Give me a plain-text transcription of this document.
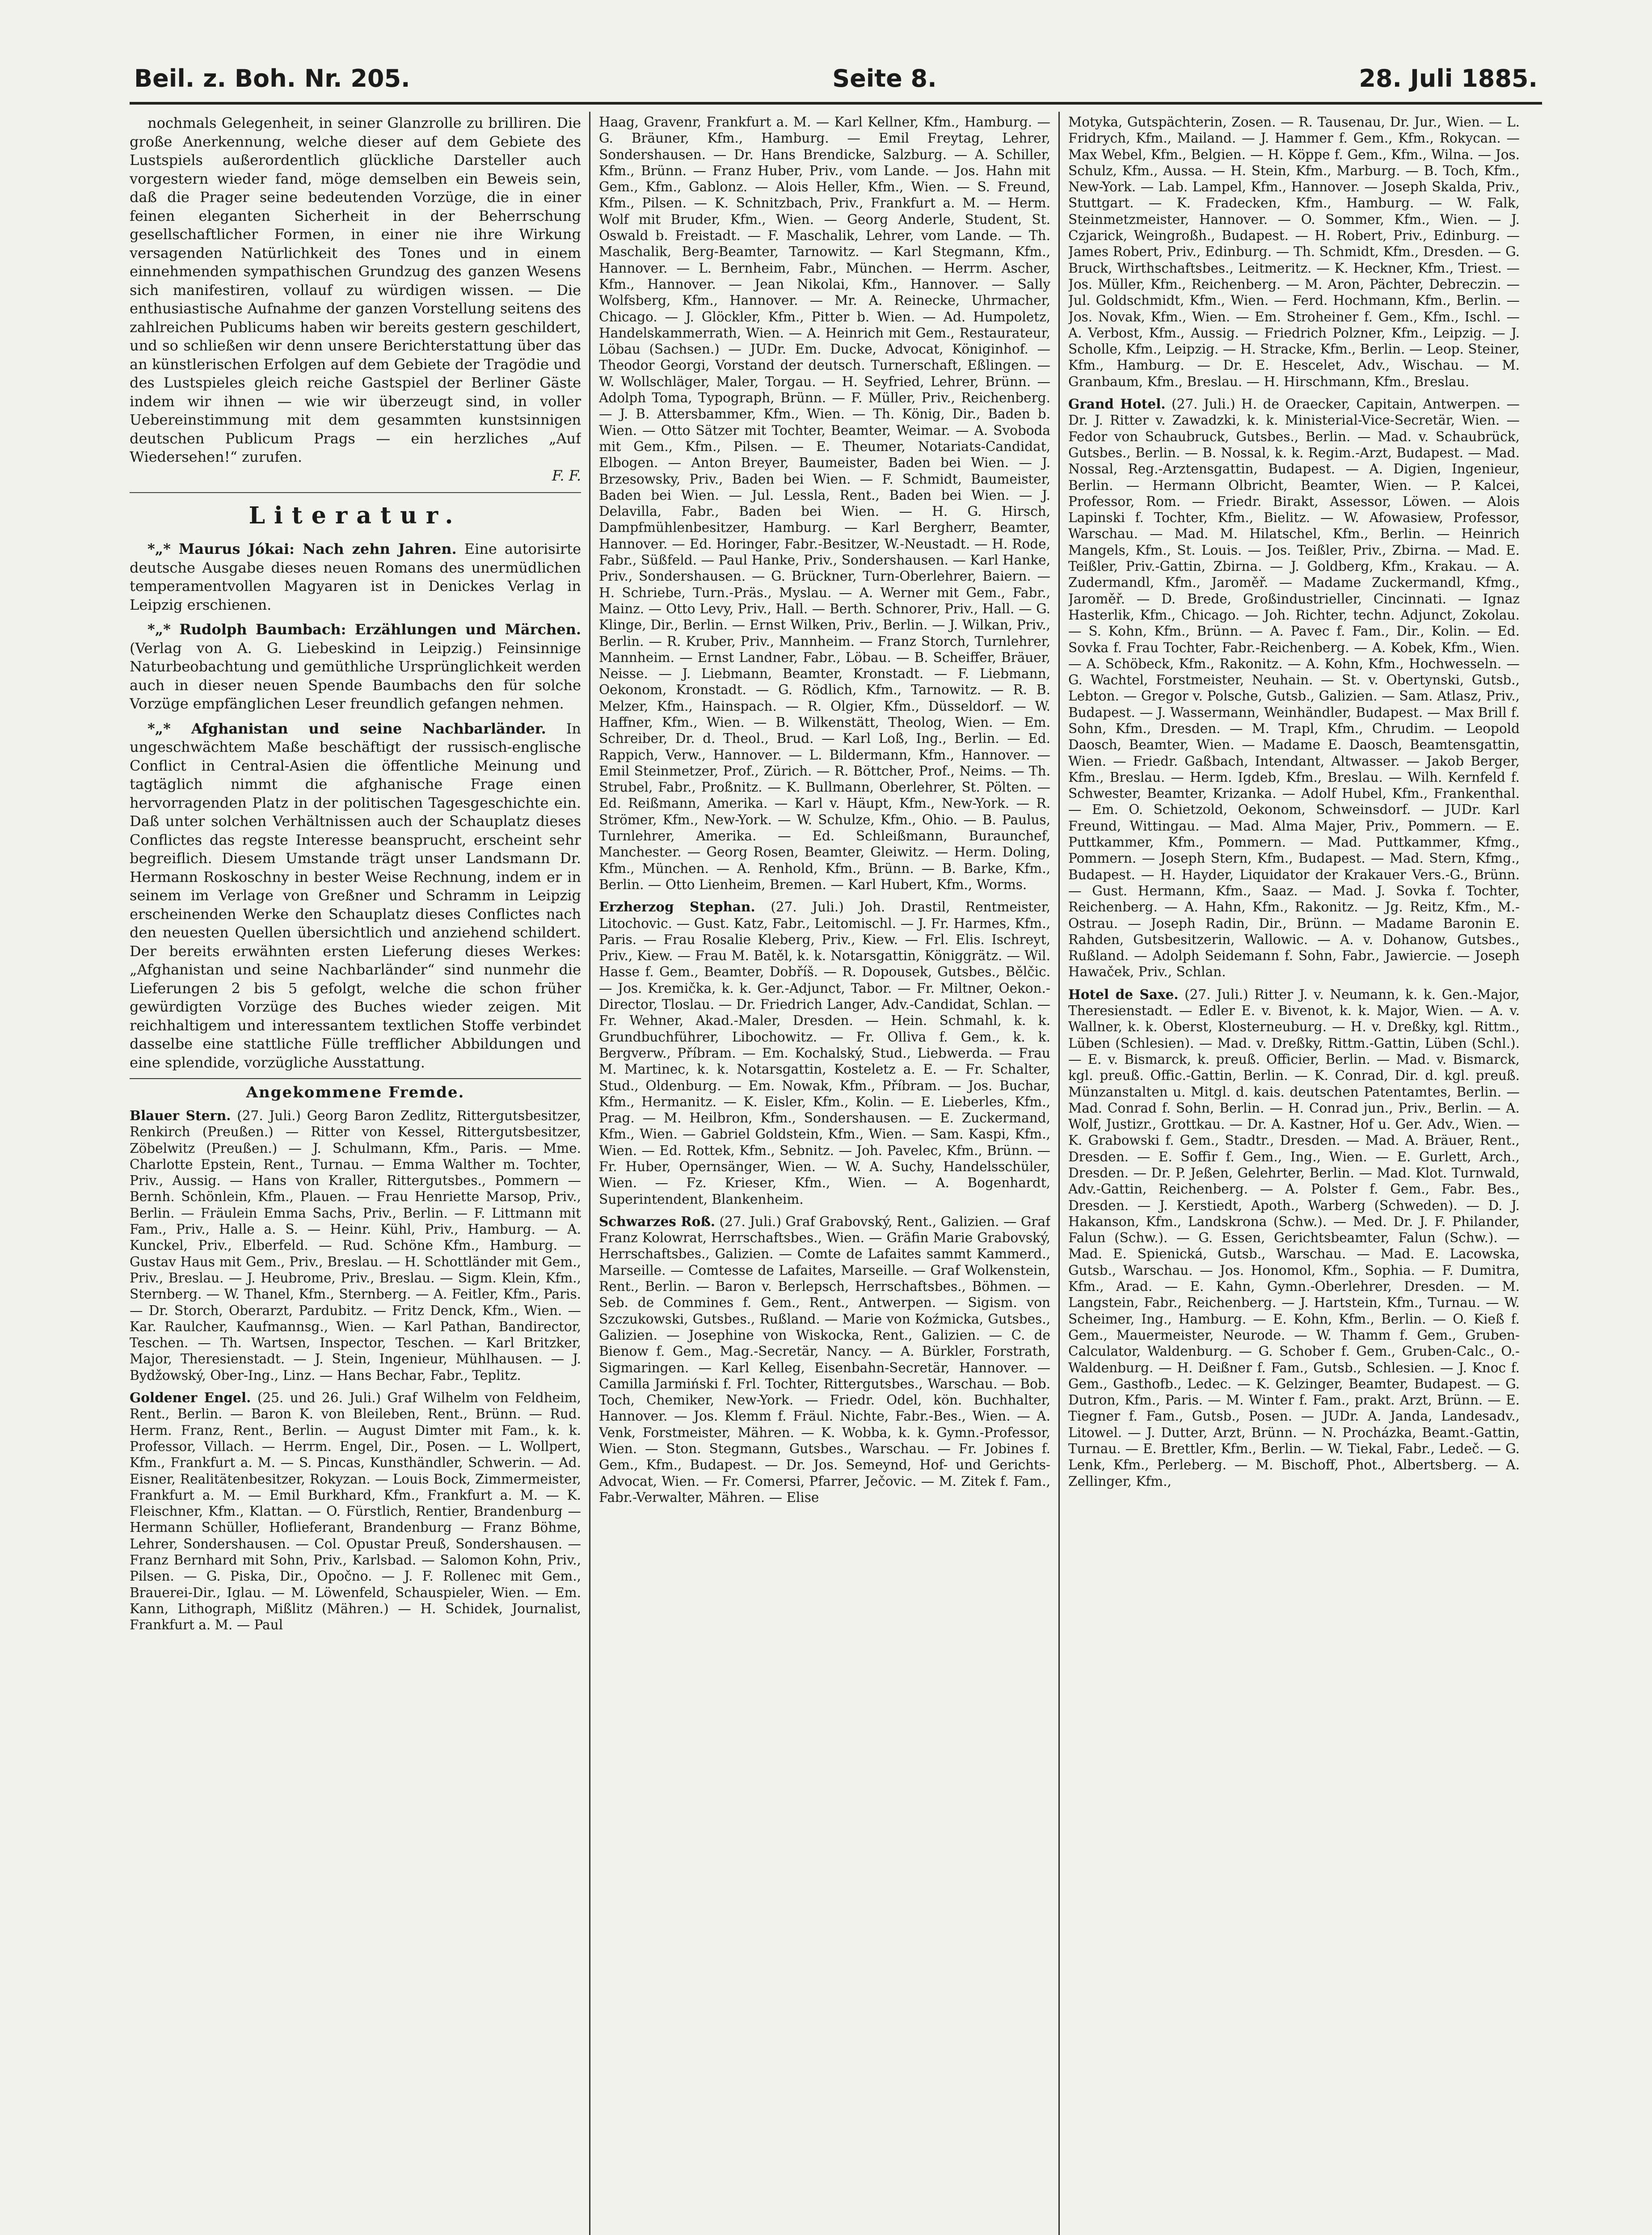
Beil. z. Boh. Nr. 205.	Seite 8.	28. Juli 1885.

nochmals Gelegenheit, in seiner Glanzrolle zu brilliren. Die große Anerkennung, welche dieser auf dem Gebiete des Lustspiels außerordentlich glückliche Darsteller auch vorgestern wieder fand, möge demselben ein Beweis sein, daß die Prager seine bedeutenden Vorzüge, die in einer feinen eleganten Sicherheit in der Beherrschung gesellschaftlicher Formen, in einer nie ihre Wirkung versagenden Natürlichkeit des Tones und in einem einnehmenden sympathischen Grundzug des ganzen Wesens sich manifestiren, vollauf zu würdigen wissen. — Die enthusiastische Aufnahme der ganzen Vorstellung seitens des zahlreichen Publicums haben wir bereits gestern geschildert, und so schließen wir denn unsere Berichterstattung über das an künstlerischen Erfolgen auf dem Gebiete der Tragödie und des Lustspieles gleich reiche Gastspiel der Berliner Gäste indem wir ihnen — wie wir überzeugt sind, in voller Uebereinstimmung mit dem gesammten kunstsinnigen deutschen Publicum Prags — ein herzliches „Auf Wiedersehen!“ zurufen.
F. F.

Literatur.

*„* Maurus Jókai: Nach zehn Jahren. Eine autorisirte deutsche Ausgabe dieses neuen Romans des unermüdlichen temperamentvollen Magyaren ist in Denickes Verlag in Leipzig erschienen.

*„* Rudolph Baumbach: Erzählungen und Märchen. (Verlag von A. G. Liebeskind in Leipzig.) Feinsinnige Naturbeobachtung und gemüthliche Ursprünglichkeit werden auch in dieser neuen Spende Baumbachs den für solche Vorzüge empfänglichen Leser freundlich gefangen nehmen.

*„* Afghanistan und seine Nachbarländer. In ungeschwächtem Maße beschäftigt der russisch-englische Conflict in Central-Asien die öffentliche Meinung und tagtäglich nimmt die afghanische Frage einen hervorragenden Platz in der politischen Tagesgeschichte ein. Daß unter solchen Verhältnissen auch der Schauplatz dieses Conflictes das regste Interesse beansprucht, erscheint sehr begreiflich. Diesem Umstande trägt unser Landsmann Dr. Hermann Roskoschny in bester Weise Rechnung, indem er in seinem im Verlage von Greßner und Schramm in Leipzig erscheinenden Werke den Schauplatz dieses Conflictes nach den neuesten Quellen übersichtlich und anziehend schildert. Der bereits erwähnten ersten Lieferung dieses Werkes: „Afghanistan und seine Nachbarländer“ sind nunmehr die Lieferungen 2 bis 5 gefolgt, welche die schon früher gewürdigten Vorzüge des Buches wieder zeigen. Mit reichhaltigem und interessantem textlichen Stoffe verbindet dasselbe eine stattliche Fülle trefflicher Abbildungen und eine splendide, vorzügliche Ausstattung.

Angekommene Fremde.

Blauer Stern. (27. Juli.) Georg Baron Zedlitz, Rittergutsbesitzer, Renkirch (Preußen.) — Ritter von Kessel, Rittergutsbesitzer, Zöbelwitz (Preußen.) — J. Schulmann, Kfm., Paris. — Mme. Charlotte Epstein, Rent., Turnau. — Emma Walther m. Tochter, Priv., Aussig. — Hans von Kraller, Rittergutsbes., Pommern — Bernh. Schönlein, Kfm., Plauen. — Frau Henriette Marsop, Priv., Berlin. — Fräulein Emma Sachs, Priv., Berlin. — F. Littmann mit Fam., Priv., Halle a. S. — Heinr. Kühl, Priv., Hamburg. — A. Kunckel, Priv., Elberfeld. — Rud. Schöne Kfm., Hamburg. — Gustav Haus mit Gem., Priv., Breslau. — H. Schottländer mit Gem., Priv., Breslau. — J. Heubrome, Priv., Breslau. — Sigm. Klein, Kfm., Sternberg. — W. Thanel, Kfm., Sternberg. — A. Feitler, Kfm., Paris. — Dr. Storch, Oberarzt, Pardubitz. — Fritz Denck, Kfm., Wien. — Kar. Raulcher, Kaufmannsg., Wien. — Karl Pathan, Bandirector, Teschen. — Th. Wartsen, Inspector, Teschen. — Karl Britzker, Major, Theresienstadt. — J. Stein, Ingenieur, Mühlhausen. — J. Bydžowský, Ober-Ing., Linz. — Hans Bechar, Fabr., Teplitz.

Goldener Engel. (25. und 26. Juli.) Graf Wilhelm von Feldheim, Rent., Berlin. — Baron K. von Bleileben, Rent., Brünn. — Rud. Herm. Franz, Rent., Berlin. — August Dimter mit Fam., k. k. Professor, Villach. — Herrm. Engel, Dir., Posen. — L. Wollpert, Kfm., Frankfurt a. M. — S. Pincas, Kunsthändler, Schwerin. — Ad. Eisner, Realitätenbesitzer, Rokyzan. — Louis Bock, Zimmermeister, Frankfurt a. M. — Emil Burkhard, Kfm., Frankfurt a. M. — K. Fleischner, Kfm., Klattan. — O. Fürstlich, Rentier, Brandenburg — Hermann Schüller, Hoflieferant, Brandenburg — Franz Böhme, Lehrer, Sondershausen. — Col. Opustar Preuß, Sondershausen. — Franz Bernhard mit Sohn, Priv., Karlsbad. — Salomon Kohn, Priv., Pilsen. — G. Piska, Dir., Opočno. — J. F. Rollenec mit Gem., Brauerei-Dir., Iglau. — M. Löwenfeld, Schauspieler, Wien. — Em. Kann, Lithograph, Mißlitz (Mähren.) — H. Schidek, Journalist, Frankfurt a. M. — Paul

Haag, Gravenr, Frankfurt a. M. — Karl Kellner, Kfm., Hamburg. — G. Bräuner, Kfm., Hamburg. — Emil Freytag, Lehrer, Sondershausen. — Dr. Hans Brendicke, Salzburg. — A. Schiller, Kfm., Brünn. — Franz Huber, Priv., vom Lande. — Jos. Hahn mit Gem., Kfm., Gablonz. — Alois Heller, Kfm., Wien. — S. Freund, Kfm., Pilsen. — K. Schnitzbach, Priv., Frankfurt a. M. — Herm. Wolf mit Bruder, Kfm., Wien. — Georg Anderle, Student, St. Oswald b. Freistadt. — F. Maschalik, Lehrer, vom Lande. — Th. Maschalik, Berg-Beamter, Tarnowitz. — Karl Stegmann, Kfm., Hannover. — L. Bernheim, Fabr., München. — Herrm. Ascher, Kfm., Hannover. — Jean Nikolai, Kfm., Hannover. — Sally Wolfsberg, Kfm., Hannover. — Mr. A. Reinecke, Uhrmacher, Chicago. — J. Glöckler, Kfm., Pitter b. Wien. — Ad. Humpoletz, Handelskammerrath, Wien. — A. Heinrich mit Gem., Restaurateur, Löbau (Sachsen.) — JUDr. Em. Ducke, Advocat, Königinhof. — Theodor Georgi, Vorstand der deutsch. Turnerschaft, Eßlingen. — W. Wollschläger, Maler, Torgau. — H. Seyfried, Lehrer, Brünn. — Adolph Toma, Typograph, Brünn. — F. Müller, Priv., Reichenberg. — J. B. Attersbammer, Kfm., Wien. — Th. König, Dir., Baden b. Wien. — Otto Sätzer mit Tochter, Beamter, Weimar. — A. Svoboda mit Gem., Kfm., Pilsen. — E. Theumer, Notariats-Candidat, Elbogen. — Anton Breyer, Baumeister, Baden bei Wien. — J. Brzesowsky, Priv., Baden bei Wien. — F. Schmidt, Baumeister, Baden bei Wien. — Jul. Lessla, Rent., Baden bei Wien. — J. Delavilla, Fabr., Baden bei Wien. — H. G. Hirsch, Dampfmühlenbesitzer, Hamburg. — Karl Bergherr, Beamter, Hannover. — Ed. Horinger, Fabr.-Besitzer, W.-Neustadt. — H. Rode, Fabr., Süßfeld. — Paul Hanke, Priv., Sondershausen. — Karl Hanke, Priv., Sondershausen. — G. Brückner, Turn-Oberlehrer, Baiern. — H. Schriebe, Turn.-Präs., Myslau. — A. Werner mit Gem., Fabr., Mainz. — Otto Levy, Priv., Hall. — Berth. Schnorer, Priv., Hall. — G. Klinge, Dir., Berlin. — Ernst Wilken, Priv., Berlin. — J. Wilkan, Priv., Berlin. — R. Kruber, Priv., Mannheim. — Franz Storch, Turnlehrer, Mannheim. — Ernst Landner, Fabr., Löbau. — B. Scheiffer, Bräuer, Neisse. — J. Liebmann, Beamter, Kronstadt. — F. Liebmann, Oekonom, Kronstadt. — G. Rödlich, Kfm., Tarnowitz. — R. B. Melzer, Kfm., Hainspach. — R. Olgier, Kfm., Düsseldorf. — W. Haffner, Kfm., Wien. — B. Wilkenstätt, Theolog, Wien. — Em. Schreiber, Dr. d. Theol., Brud. — Karl Loß, Ing., Berlin. — Ed. Rappich, Verw., Hannover. — L. Bildermann, Kfm., Hannover. — Emil Steinmetzer, Prof., Zürich. — R. Böttcher, Prof., Neims. — Th. Strubel, Fabr., Proßnitz. — K. Bullmann, Oberlehrer, St. Pölten. — Ed. Reißmann, Amerika. — Karl v. Häupt, Kfm., New-York. — R. Strömer, Kfm., New-York. — W. Schulze, Kfm., Ohio. — B. Paulus, Turnlehrer, Amerika. — Ed. Schleißmann, Buraunchef, Manchester. — Georg Rosen, Beamter, Gleiwitz. — Herm. Doling, Kfm., München. — A. Renhold, Kfm., Brünn. — B. Barke, Kfm., Berlin. — Otto Lienheim, Bremen. — Karl Hubert, Kfm., Worms.

Erzherzog Stephan. (27. Juli.) Joh. Drastil, Rentmeister, Litochovic. — Gust. Katz, Fabr., Leitomischl. — J. Fr. Harmes, Kfm., Paris. — Frau Rosalie Kleberg, Priv., Kiew. — Frl. Elis. Ischreyt, Priv., Kiew. — Frau M. Batěl, k. k. Notarsgattin, Königgrätz. — Wil. Hasse f. Gem., Beamter, Dobříš. — R. Dopousek, Gutsbes., Bělčic. — Jos. Kremička, k. k. Ger.-Adjunct, Tabor. — Fr. Miltner, Oekon.-Director, Tloslau. — Dr. Friedrich Langer, Adv.-Candidat, Schlan. — Fr. Wehner, Akad.-Maler, Dresden. — Hein. Schmahl, k. k. Grundbuchführer, Libochowitz. — Fr. Olliva f. Gem., k. k. Bergverw., Příbram. — Em. Kochalský, Stud., Liebwerda. — Frau M. Martinec, k. k. Notarsgattin, Kosteletz a. E. — Fr. Schalter, Stud., Oldenburg. — Em. Nowak, Kfm., Příbram. — Jos. Buchar, Kfm., Hermanitz. — K. Eisler, Kfm., Kolin. — E. Lieberles, Kfm., Prag. — M. Heilbron, Kfm., Sondershausen. — E. Zuckermand, Kfm., Wien. — Gabriel Goldstein, Kfm., Wien. — Sam. Kaspi, Kfm., Wien. — Ed. Rottek, Kfm., Sebnitz. — Joh. Pavelec, Kfm., Brünn. — Fr. Huber, Opernsänger, Wien. — W. A. Suchy, Handelsschüler, Wien. — Fz. Krieser, Kfm., Wien. — A. Bogenhardt, Superintendent, Blankenheim.

Schwarzes Roß. (27. Juli.) Graf Grabovský, Rent., Galizien. — Graf Franz Kolowrat, Herrschaftsbes., Wien. — Gräfin Marie Grabovský, Herrschaftsbes., Galizien. — Comte de Lafaites sammt Kammerd., Marseille. — Comtesse de Lafaites, Marseille. — Graf Wolkenstein, Rent., Berlin. — Baron v. Berlepsch, Herrschaftsbes., Böhmen. — Seb. de Commines f. Gem., Rent., Antwerpen. — Sigism. von Szczukowski, Gutsbes., Rußland. — Marie von Koźmicka, Gutsbes., Galizien. — Josephine von Wiskocka, Rent., Galizien. — C. de Bienow f. Gem., Mag.-Secretär, Nancy. — A. Bürkler, Forstrath, Sigmaringen. — Karl Kelleg, Eisenbahn-Secretär, Hannover. — Camilla Jarmiński f. Frl. Tochter, Rittergutsbes., Warschau. — Bob. Toch, Chemiker, New-York. — Friedr. Odel, kön. Buchhalter, Hannover. — Jos. Klemm f. Fräul. Nichte, Fabr.-Bes., Wien. — A. Venk, Forstmeister, Mähren. — K. Wobba, k. k. Gymn.-Professor, Wien. — Ston. Stegmann, Gutsbes., Warschau. — Fr. Jobines f. Gem., Kfm., Budapest. — Dr. Jos. Semeynd, Hof- und Gerichts-Advocat, Wien. — Fr. Comersi, Pfarrer, Ječovic. — M. Zitek f. Fam., Fabr.-Verwalter, Mähren. — Elise

Motyka, Gutspächterin, Zosen. — R. Tausenau, Dr. Jur., Wien. — L. Fridrych, Kfm., Mailand. — J. Hammer f. Gem., Kfm., Rokycan. — Max Webel, Kfm., Belgien. — H. Köppe f. Gem., Kfm., Wilna. — Jos. Schulz, Kfm., Aussa. — H. Stein, Kfm., Marburg. — B. Toch, Kfm., New-York. — Lab. Lampel, Kfm., Hannover. — Joseph Skalda, Priv., Stuttgart. — K. Fradecken, Kfm., Hamburg. — W. Falk, Steinmetzmeister, Hannover. — O. Sommer, Kfm., Wien. — J. Czjarick, Weingroßh., Budapest. — H. Robert, Priv., Edinburg. — James Robert, Priv., Edinburg. — Th. Schmidt, Kfm., Dresden. — G. Bruck, Wirthschaftsbes., Leitmeritz. — K. Heckner, Kfm., Triest. — Jos. Müller, Kfm., Reichenberg. — M. Aron, Pächter, Debreczin. — Jul. Goldschmidt, Kfm., Wien. — Ferd. Hochmann, Kfm., Berlin. — Jos. Novak, Kfm., Wien. — Em. Stroheiner f. Gem., Kfm., Ischl. — A. Verbost, Kfm., Aussig. — Friedrich Polzner, Kfm., Leipzig. — J. Scholle, Kfm., Leipzig. — H. Stracke, Kfm., Berlin. — Leop. Steiner, Kfm., Hamburg. — Dr. E. Hescelet, Adv., Wischau. — M. Granbaum, Kfm., Breslau. — H. Hirschmann, Kfm., Breslau.

Grand Hotel. (27. Juli.) H. de Oraecker, Capitain, Antwerpen. — Dr. J. Ritter v. Zawadzki, k. k. Ministerial-Vice-Secretär, Wien. — Fedor von Schaubruck, Gutsbes., Berlin. — Mad. v. Schaubrück, Gutsbes., Berlin. — B. Nossal, k. k. Regim.-Arzt, Budapest. — Mad. Nossal, Reg.-Arztensgattin, Budapest. — A. Digien, Ingenieur, Berlin. — Hermann Olbricht, Beamter, Wien. — P. Kalcei, Professor, Rom. — Friedr. Birakt, Assessor, Löwen. — Alois Lapinski f. Tochter, Kfm., Bielitz. — W. Afowasiew, Professor, Warschau. — Mad. M. Hilatschel, Kfm., Berlin. — Heinrich Mangels, Kfm., St. Louis. — Jos. Teißler, Priv., Zbirna. — Mad. E. Teißler, Priv.-Gattin, Zbirna. — J. Goldberg, Kfm., Krakau. — A. Zudermandl, Kfm., Jaroměř. — Madame Zuckermandl, Kfmg., Jaroměř. — D. Brede, Großindustrieller, Cincinnati. — Ignaz Hasterlik, Kfm., Chicago. — Joh. Richter, techn. Adjunct, Zokolau. — S. Kohn, Kfm., Brünn. — A. Pavec f. Fam., Dir., Kolin. — Ed. Sovka f. Frau Tochter, Fabr.-Reichenberg. — A. Kobek, Kfm., Wien. — A. Schöbeck, Kfm., Rakonitz. — A. Kohn, Kfm., Hochwesseln. — G. Wachtel, Forstmeister, Neuhain. — St. v. Obertynski, Gutsb., Lebton. — Gregor v. Polsche, Gutsb., Galizien. — Sam. Atlasz, Priv., Budapest. — J. Wassermann, Weinhändler, Budapest. — Max Brill f. Sohn, Kfm., Dresden. — M. Trapl, Kfm., Chrudim. — Leopold Daosch, Beamter, Wien. — Madame E. Daosch, Beamtensgattin, Wien. — Friedr. Gaßbach, Intendant, Altwasser. — Jakob Berger, Kfm., Breslau. — Herm. Igdeb, Kfm., Breslau. — Wilh. Kernfeld f. Schwester, Beamter, Krizanka. — Adolf Hubel, Kfm., Frankenthal. — Em. O. Schietzold, Oekonom, Schweinsdorf. — JUDr. Karl Freund, Wittingau. — Mad. Alma Majer, Priv., Pommern. — E. Puttkammer, Kfm., Pommern. — Mad. Puttkammer, Kfmg., Pommern. — Joseph Stern, Kfm., Budapest. — Mad. Stern, Kfmg., Budapest. — H. Hayder, Liquidator der Krakauer Vers.-G., Brünn. — Gust. Hermann, Kfm., Saaz. — Mad. J. Sovka f. Tochter, Reichenberg. — A. Hahn, Kfm., Rakonitz. — Jg. Reitz, Kfm., M.-Ostrau. — Joseph Radin, Dir., Brünn. — Madame Baronin E. Rahden, Gutsbesitzerin, Wallowic. — A. v. Dohanow, Gutsbes., Rußland. — Adolph Seidemann f. Sohn, Fabr., Jawiercie. — Joseph Hawaček, Priv., Schlan.

Hotel de Saxe. (27. Juli.) Ritter J. v. Neumann, k. k. Gen.-Major, Theresienstadt. — Edler E. v. Bivenot, k. k. Major, Wien. — A. v. Wallner, k. k. Oberst, Klosterneuburg. — H. v. Dreßky, kgl. Rittm., Lüben (Schlesien). — Mad. v. Dreßky, Rittm.-Gattin, Lüben (Schl.). — E. v. Bismarck, k. preuß. Officier, Berlin. — Mad. v. Bismarck, kgl. preuß. Offic.-Gattin, Berlin. — K. Conrad, Dir. d. kgl. preuß. Münzanstalten u. Mitgl. d. kais. deutschen Patentamtes, Berlin. — Mad. Conrad f. Sohn, Berlin. — H. Conrad jun., Priv., Berlin. — A. Wolf, Justizr., Grottkau. — Dr. A. Kastner, Hof u. Ger. Adv., Wien. — K. Grabowski f. Gem., Stadtr., Dresden. — Mad. A. Bräuer, Rent., Dresden. — E. Soffir f. Gem., Ing., Wien. — E. Gurlett, Arch., Dresden. — Dr. P. Jeßen, Gelehrter, Berlin. — Mad. Klot. Turnwald, Adv.-Gattin, Reichenberg. — A. Polster f. Gem., Fabr. Bes., Dresden. — J. Kerstiedt, Apoth., Warberg (Schweden). — D. J. Hakanson, Kfm., Landskrona (Schw.). — Med. Dr. J. F. Philander, Falun (Schw.). — G. Essen, Gerichtsbeamter, Falun (Schw.). — Mad. E. Spienická, Gutsb., Warschau. — Mad. E. Lacowska, Gutsb., Warschau. — Jos. Honomol, Kfm., Sophia. — F. Dumitra, Kfm., Arad. — E. Kahn, Gymn.-Oberlehrer, Dresden. — M. Langstein, Fabr., Reichenberg. — J. Hartstein, Kfm., Turnau. — W. Scheimer, Ing., Hamburg. — E. Kohn, Kfm., Berlin. — O. Kieß f. Gem., Mauermeister, Neurode. — W. Thamm f. Gem., Gruben-Calculator, Waldenburg. — G. Schober f. Gem., Gruben-Calc., O.-Waldenburg. — H. Deißner f. Fam., Gutsb., Schlesien. — J. Knoc f. Gem., Gasthofb., Ledec. — K. Gelzinger, Beamter, Budapest. — G. Dutron, Kfm., Paris. — M. Winter f. Fam., prakt. Arzt, Brünn. — E. Tiegner f. Fam., Gutsb., Posen. — JUDr. A. Janda, Landesadv., Litowel. — J. Dutter, Arzt, Brünn. — N. Procházka, Beamt.-Gattin, Turnau. — E. Brettler, Kfm., Berlin. — W. Tiekal, Fabr., Ledeč. — G. Lenk, Kfm., Perleberg. — M. Bischoff, Phot., Albertsberg. — A. Zellinger, Kfm.,
